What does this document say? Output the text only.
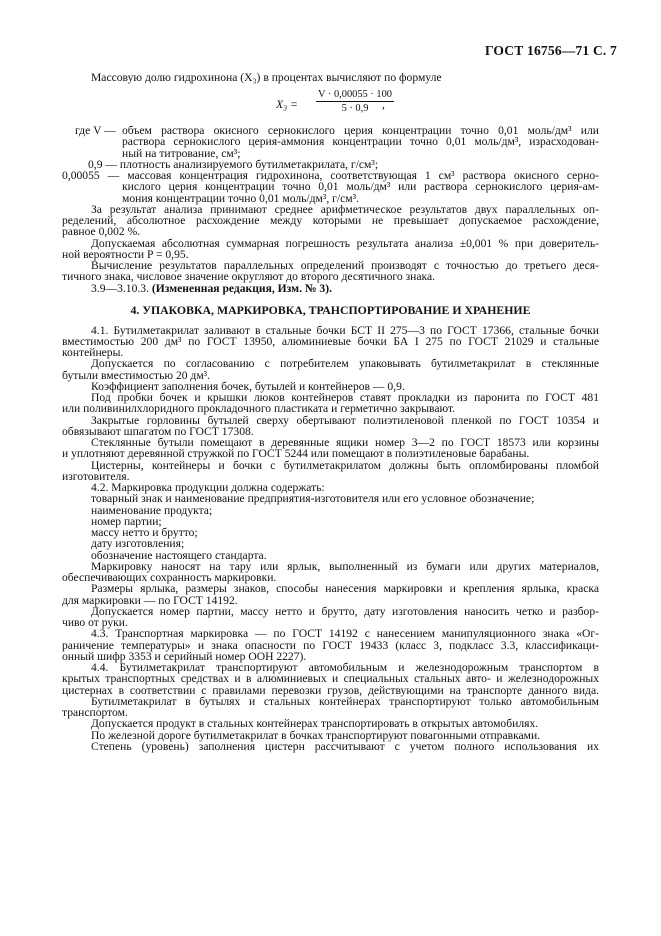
ГОСТ 16756—71 С. 7
Массовую долю гидрохинона (X₃) в процентах вычисляют по формуле
$X_3 = \frac{V \cdot 0,00055 \cdot 100}{5 \cdot 0,9}$
,
где V — объем раствора окисного сернокислого церия концентрации точно 0,01 моль/дм³ или
раствора сернокислого церия-аммония концентрации точно 0,01 моль/дм³, израсходован-
ный на титрование, см³;
0,9 — плотность анализируемого бутилметакрилата, г/см³;
0,00055 — массовая концентрация гидрохинона, соответствующая 1 см³ раствора окисного серно-
кислого церия концентрации точно 0,01 моль/дм³ или раствора сернокислого церия-ам-
мония концентрации точно 0,01 моль/дм³, г/см³.
4. УПАКОВКА, МАРКИРОВКА, ТРАНСПОРТИРОВАНИЕ И ХРАНЕНИЕ
4.1. Бутилметакрилат заливают в стальные бочки БСТ II 275—3 по ГОСТ 17366, стальные бочки
вместимостью 200 дм³ по ГОСТ 13950, алюминиевые бочки БА I 275 по ГОСТ 21029 и стальные
контейнеры.
Допускается по согласованию с потребителем упаковывать бутилметакрилат в стеклянные
бутыли вместимостью 20 дм³.
Коэффициент заполнения бочек, бутылей и контейнеров — 0,9.
Под пробки бочек и крышки люков контейнеров ставят прокладки из паронита по ГОСТ 481
или поливинилхлоридного прокладочного пластиката и герметично закрывают.
Закрытые горловины бутылей сверху обертывают полиэтиленовой пленкой по ГОСТ 10354 и
обвязывают шпагатом по ГОСТ 17308.
Стеклянные бутыли помещают в деревянные ящики номер 3—2 по ГОСТ 18573 или корзины
и уплотняют деревянной стружкой по ГОСТ 5244 или помещают в полиэтиленовые барабаны.
Цистерны, контейнеры и бочки с бутилметакрилатом должны быть опломбированы пломбой
изготовителя.
4.2. Маркировка продукции должна содержать:
товарный знак и наименование предприятия-изготовителя или его условное обозначение;
наименование продукта;
номер партии;
массу нетто и брутто;
дату изготовления;
обозначение настоящего стандарта.
Маркировку наносят на тару или ярлык, выполненный из бумаги или других материалов,
обеспечивающих сохранность маркировки.
Размеры ярлыка, размеры знаков, способы нанесения маркировки и крепления ярлыка, краска
для маркировки — по ГОСТ 14192.
Допускается номер партии, массу нетто и брутто, дату изготовления наносить четко и разбор-
чиво от руки.
4.3. Транспортная маркировка — по ГОСТ 14192 с нанесением манипуляционного знака «Ог-
раничение температуры» и знака опасности по ГОСТ 19433 (класс 3, подкласс 3.3, классификаци-
онный шифр 3353 и серийный номер ООН 2227).
4.4. Бутилметакрилат транспортируют автомобильным и железнодорожным транспортом в
крытых транспортных средствах и в алюминиевых и специальных стальных авто- и железнодорожных
цистернах в соответствии с правилами перевозки грузов, действующими на транспорте данного вида.
Бутилметакрилат в бутылях и стальных контейнерах транспортируют только автомобильным
транспортом.
Допускается продукт в стальных контейнерах транспортировать в открытых автомобилях.
По железной дороге бутилметакрилат в бочках транспортируют повагонными отправками.
Степень (уровень) заполнения цистерн рассчитывают с учетом полного использования их
За результат анализа принимают среднее арифметическое результатов двух параллельных оп-
ределений, абсолютное расхождение между которыми не превышает допускаемое расхождение,
равное 0,002 %.
Допускаемая абсолютная суммарная погрешность результата анализа ±0,001 % при доверитель-
ной вероятности P = 0,95.
Вычисление результатов параллельных определений производят с точностью до третьего деся-
тичного знака, числовое значение округляют до второго десятичного знака.
3.9—3.10.3. (Измененная редакция, Изм. № 3).
